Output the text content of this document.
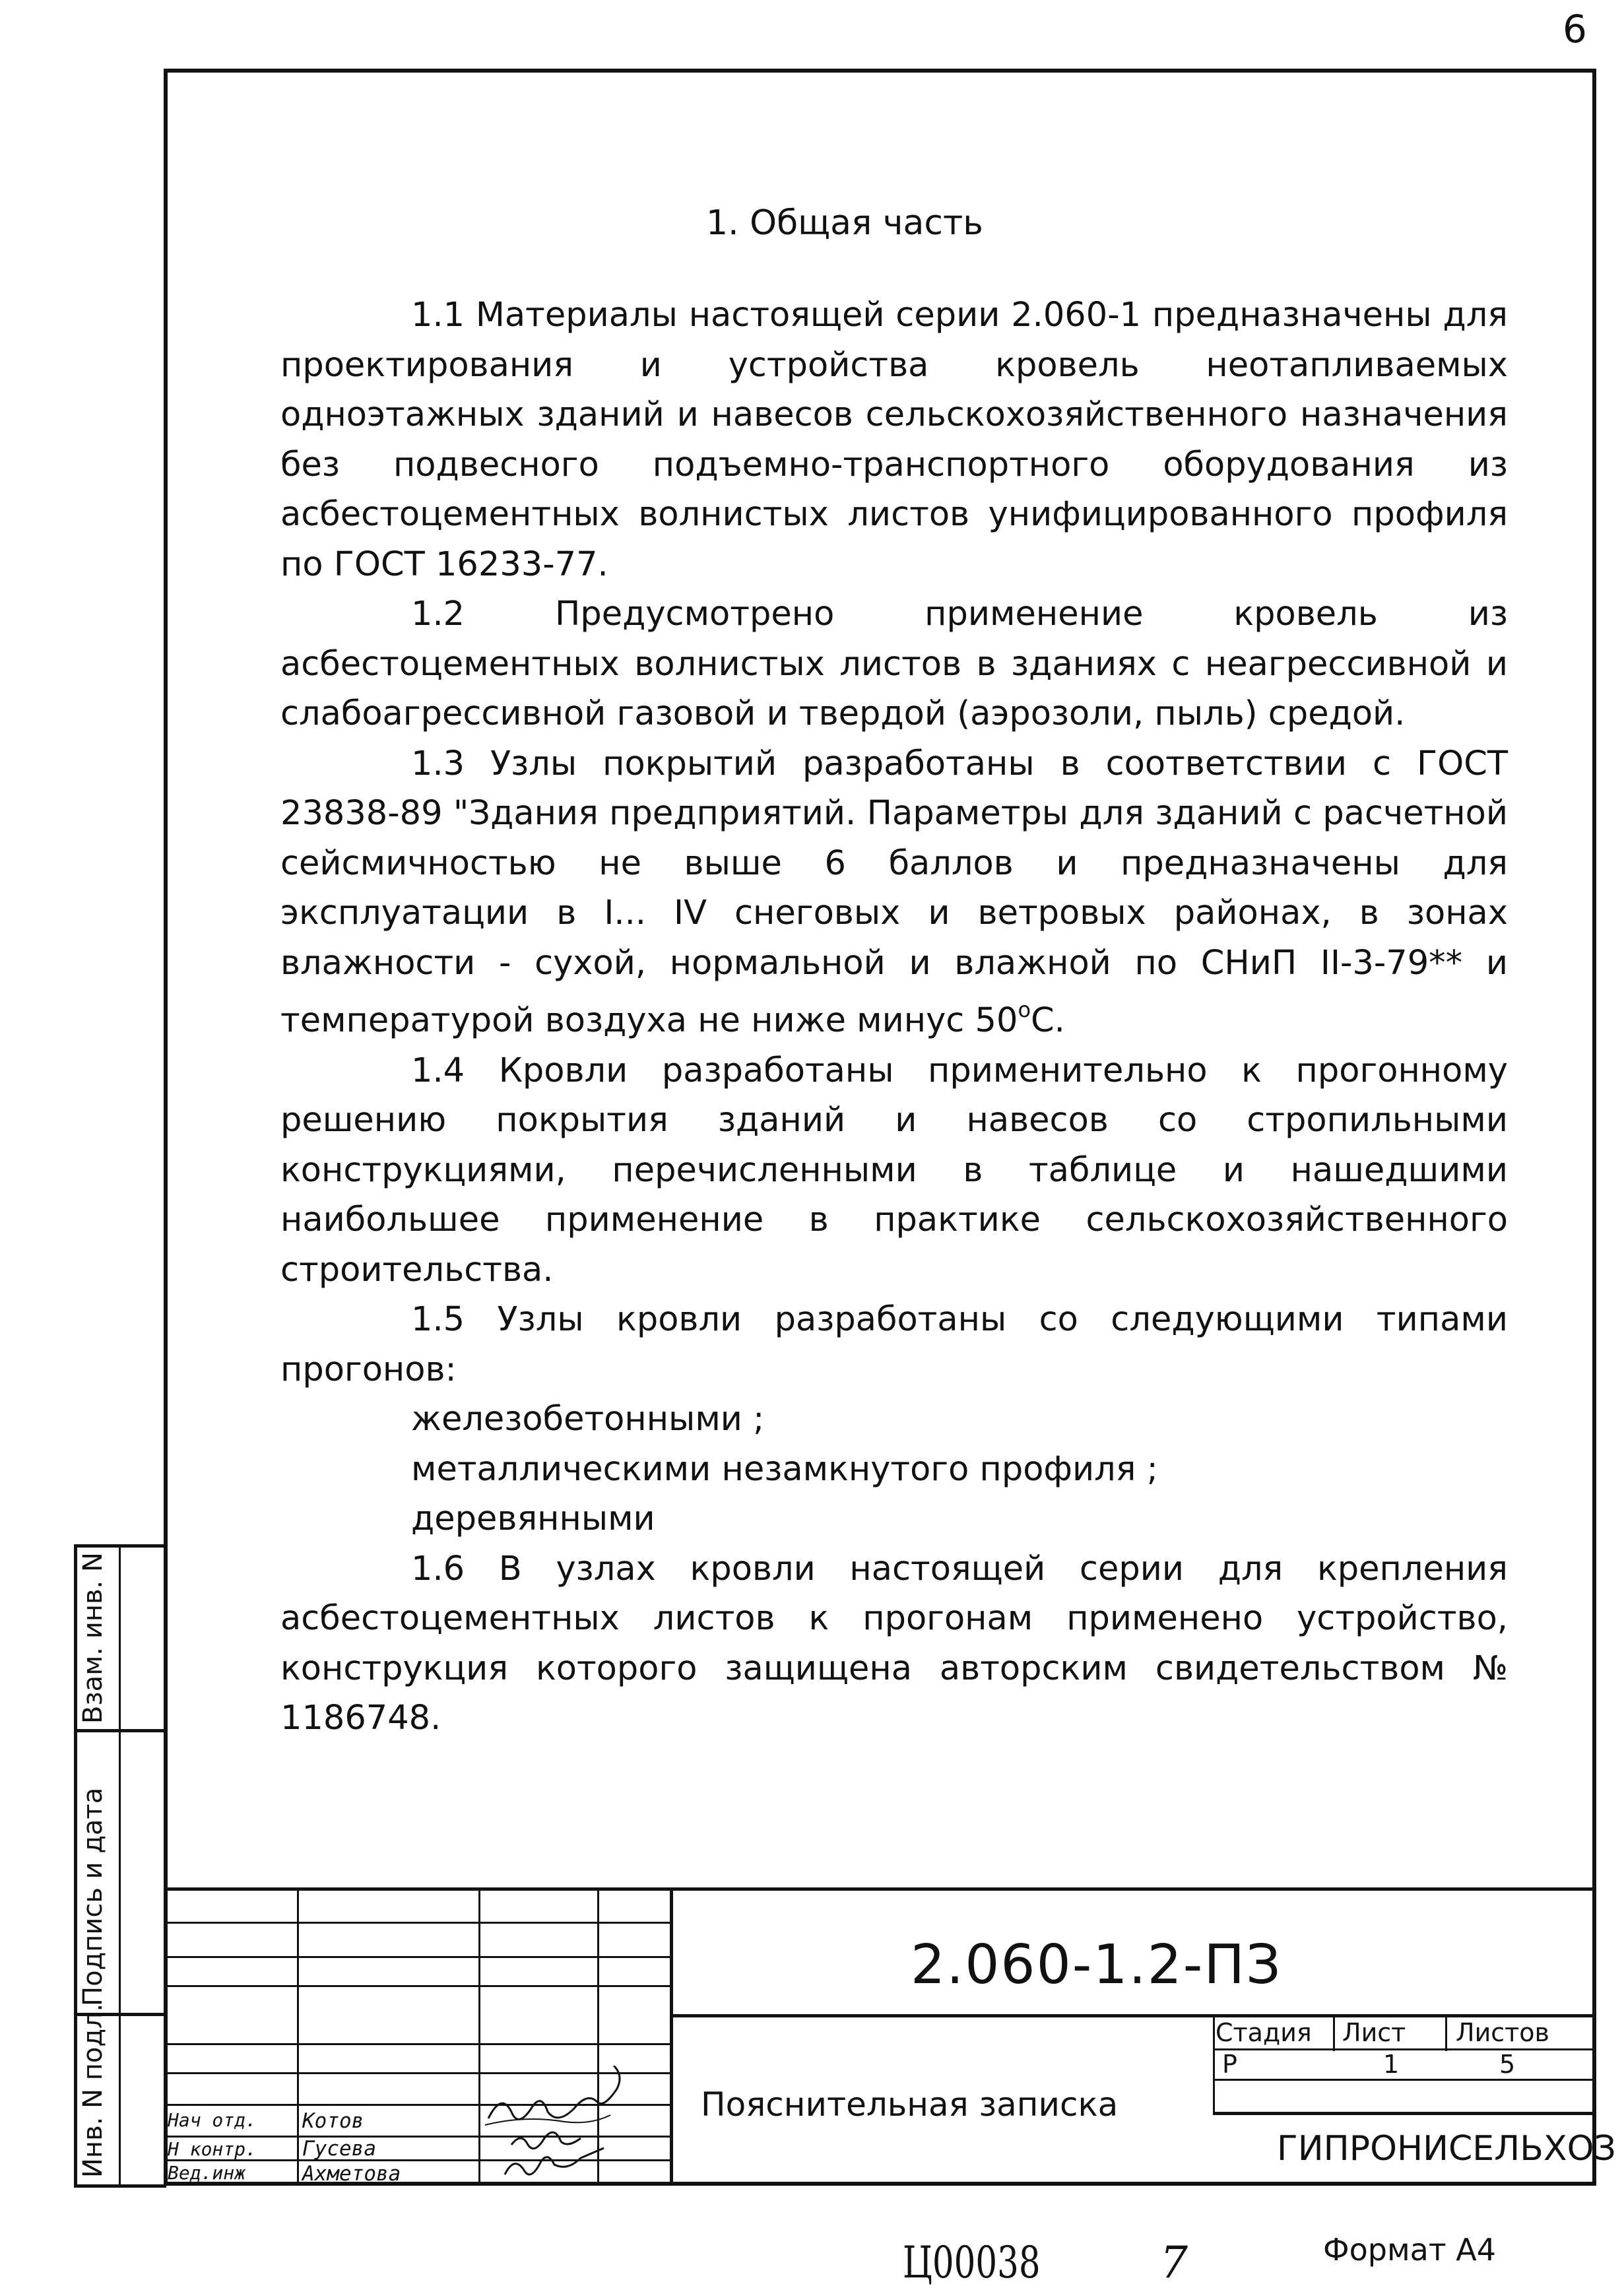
6
1. Общая часть

1.1 Материалы настоящей серии 2.060-1 предназначены для проектирования и устройства кровель неотапливаемых одноэтажных зданий и навесов сельскохозяйственного назначения без подвесного подъемно-транспортного оборудования из асбестоцементных волнистых листов унифицированного профиля по ГОСТ 16233-77.

1.2 Предусмотрено применение кровель из асбестоцементных волнистых листов в зданиях с неагрессивной и слабоагрессивной газовой и твердой (аэрозоли, пыль) средой.

1.3 Узлы покрытий разработаны в соответствии с ГОСТ 23838-89 "Здания предприятий. Параметры для зданий с расчетной сейсмичностью не выше 6 баллов и предназначены для эксплуатации в I... IV снеговых и ветровых районах, в зонах влажности - сухой, нормальной и влажной по СНиП II-3-79** и температурой воздуха не ниже минус 50$^o$С.

1.4 Кровли разработаны применительно к прогонному решению покрытия зданий и навесов со стропильными конструкциями, перечисленными в таблице и нашедшими наибольшее применение в практике сельскохозяйственного строительства.

1.5 Узлы кровли разработаны со следующими типами прогонов:

железобетонными ;

металлическими незамкнутого профиля ;

деревянными

1.6 В узлах кровли настоящей серии для крепления асбестоцементных листов к прогонам применено устройство, конструкция которого защищена авторским свидетельством № 1186748.

Взам. инв. N
Подпись и дата
Инв. N подл.
2.060-1.2-ПЗ
Пояснительная записка
Стадия Лист Листов
Р	1	5
ГИПРОНИСЕЛЬХОЗ
Нач отд. Котов
Н контр. Гусева
Вед.инж	Ахметова
Ц00038	7	Формат А4
